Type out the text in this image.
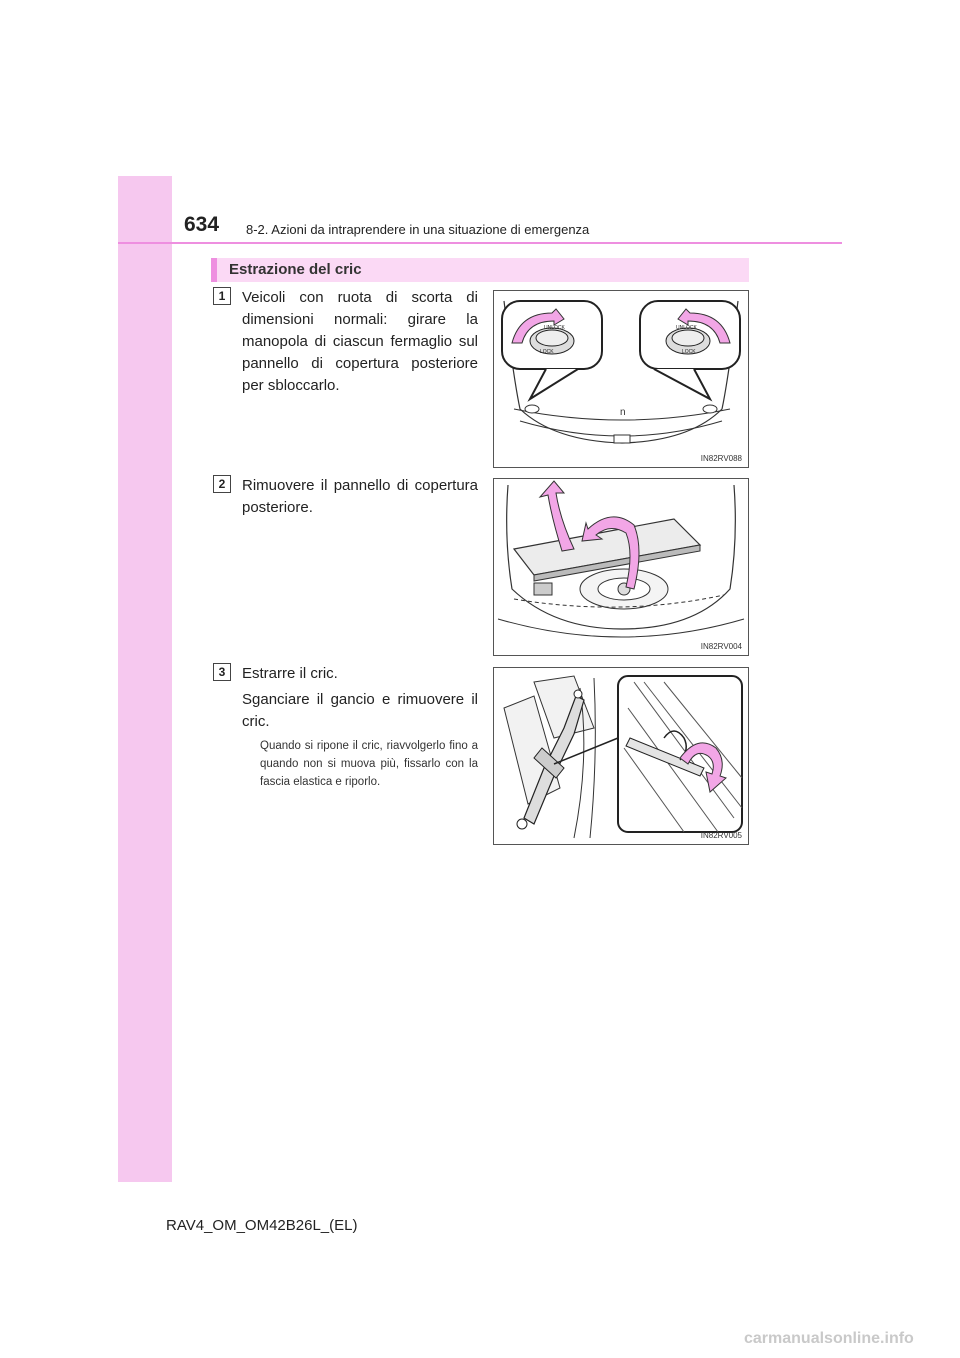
634 8-2. Azioni da intraprendere in una situazione di emergenza
Estrazione del cric
1	Veicoli con ruota di scorta di dimensioni normali: girare la manopola di ciascun fermaglio sul pannello di copertura posteriore per sbloccarlo.

n
UNLOCK
LOCK
UNLOCK
LOCK
IN82RV088
2	Rimuovere il pannello di copertura posteriore.

IN82RV004
3	Estrarre il cric.

Sganciare il gancio e rimuovere il cric.

Quando si ripone il cric, riavvolgerlo fino a quando non si muova più, fissarlo con la fascia elastica e riporlo.

IN82RV005
RAV4_OM_OM42B26L_(EL)
carmanualsonline.info
